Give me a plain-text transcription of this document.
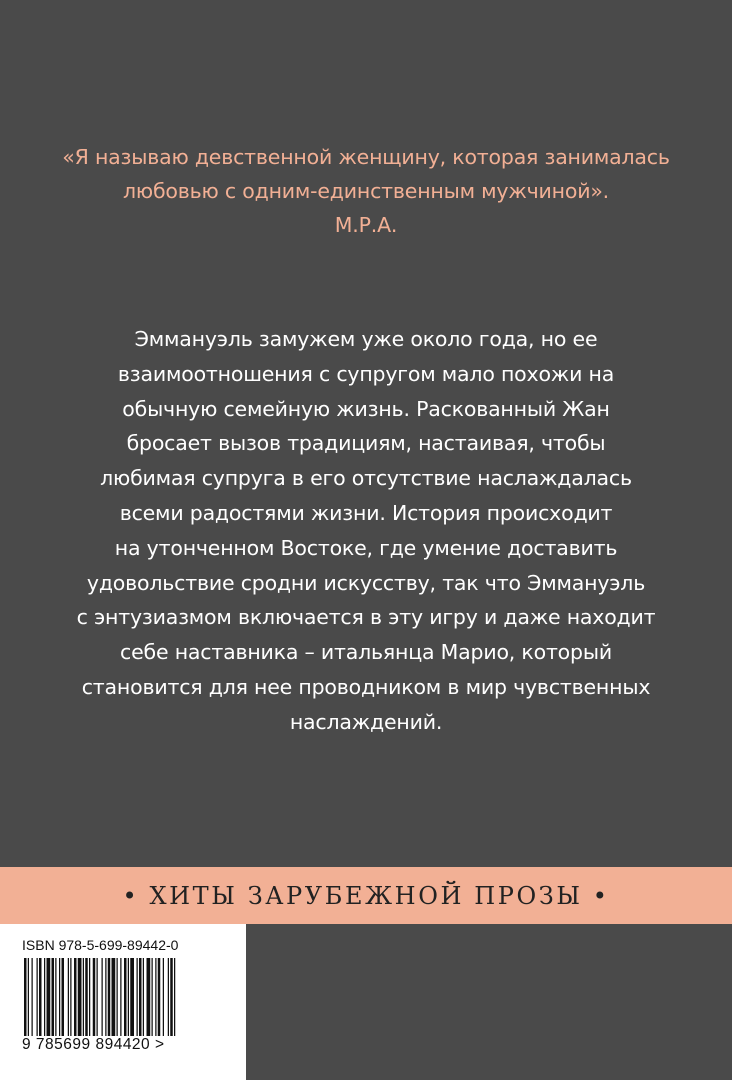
«Я называю девственной женщину, которая занималась
любовью с одним-единственным мужчиной».
М.Р.А.
Эммануэль замужем уже около года, но ее
взаимоотношения с супругом мало похожи на
обычную семейную жизнь. Раскованный Жан
бросает вызов традициям, настаивая, чтобы
любимая супруга в его отсутствие наслаждалась
всеми радостями жизни. История происходит
на утонченном Востоке, где умение доставить
удовольствие сродни искусству, так что Эммануэль
с энтузиазмом включается в эту игру и даже находит
себе наставника – итальянца Марио, который
становится для нее проводником в мир чувственных
наслаждений.
• ХИТЫ ЗАРУБЕЖНОЙ ПРОЗЫ •
ISBN 978-5-699-89442-0
9 785699 894420 >
